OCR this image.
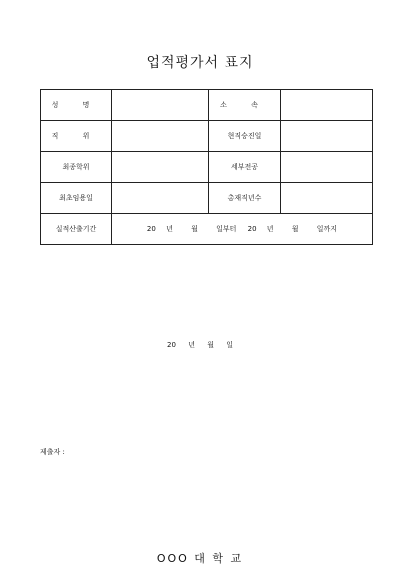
업적평가서 표지
성 명		소 속	
직 위		현직승진일	
최종학위		세부전공	
최초임용일		총재직년수	
실적산출기간	20 년 월 일부터 20 년 월 일까지		
20 년 월 일
제출자 :
OOO 대 학 교
